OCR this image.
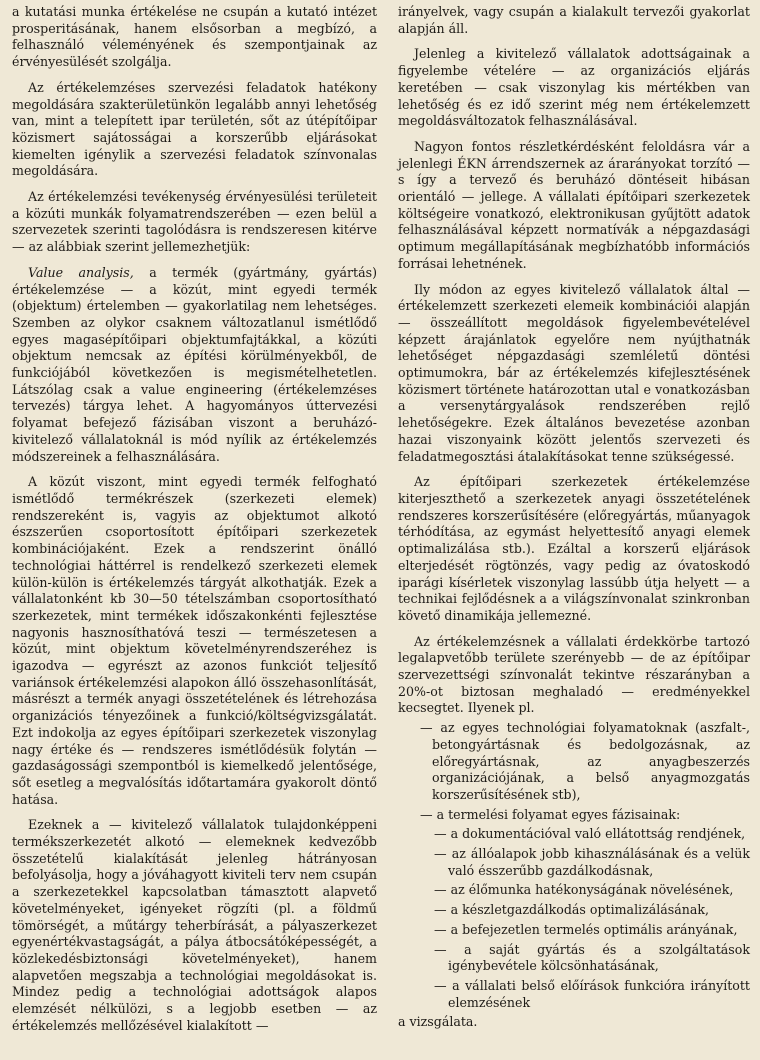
a kutatási munka értékelése ne csupán a kutató intézet prosperitásának, hanem elsősorban a megbízó, a felhasználó véleményének és szempontjainak az érvényesülését szolgálja.

Az értékelemzéses szervezési feladatok hatékony megoldására szakterületünkön legalább annyi lehetőség van, mint a telepített ipar területén, sőt az útépítőipar közismert sajátosságai a korszerűbb eljárásokat kiemelten igénylik a szervezési feladatok színvonalas megoldására.

Az értékelemzési tevékenység érvényesülési területeit a közúti munkák folyamatrendszerében — ezen belül a szervezetek szerinti tagolódásra is rendszeresen kitérve — az alábbiak szerint jellemezhetjük:

Value analysis, a termék (gyártmány, gyártás) értékelemzése — a közút, mint egyedi termék (objektum) értelemben — gyakorlatilag nem lehetséges. Szemben az olykor csaknem változatlanul ismétlődő egyes magasépítőipari objektumfajtákkal, a közúti objektum nemcsak az építési körülményekből, de funkciójából következően is megismételhetetlen. Látszólag csak a value engineering (értékelemzéses tervezés) tárgya lehet. A hagyományos úttervezési folyamat befejező fázisában viszont a beruházó-kivitelező vállalatoknál is mód nyílik az értékelemzés módszereinek a felhasználására.

A közút viszont, mint egyedi termék felfogható ismétlődő termékrészek (szerkezeti elemek) rendszereként is, vagyis az objektumot alkotó észszerűen csoportosított építőipari szerkezetek kombinációjaként. Ezek a rendszerint önálló technológiai háttérrel is rendelkező szerkezeti elemek külön-külön is értékelemzés tárgyát alkothatják. Ezek a vállalatonként kb 30—50 tételszámban csoportosítható szerkezetek, mint termékek időszakonkénti fejlesztése nagyonis hasznosíthatóvá teszi — természetesen a közút, mint objektum követelményrendszeréhez is igazodva — egyrészt az azonos funkciót teljesítő variánsok értékelemzési alapokon álló összehasonlítását, másrészt a termék anyagi összetételének és létrehozása organizációs tényezőinek a funkció/költségvizsgálatát. Ezt indokolja az egyes építőipari szerkezetek viszonylag nagy értéke és — rendszeres ismétlődésük folytán — gazdaságossági szempontból is kiemelkedő jelentősége, sőt esetleg a megvalósítás időtartamára gyakorolt döntő hatása.

Ezeknek a — kivitelező vállalatok tulajdonképpeni termékszerkezetét alkotó — elemeknek kedvezőbb összetételű kialakítását jelenleg hátrányosan befolyásolja, hogy a jóváhagyott kiviteli terv nem csupán a szerkezetekkel kapcsolatban támasztott alapvető követelményeket, igényeket rögzíti (pl. a földmű tömörségét, a műtárgy teherbírását, a pályaszerkezet egyenértékvastagságát, a pálya átbocsátóképességét, a közlekedésbiztonsági követelményeket), hanem alapvetően megszabja a technológiai megoldásokat is. Mindez pedig a technológiai adottságok alapos elemzését nélkülözi, s a legjobb esetben — az értékelemzés mellőzésével kialakított —

irányelvek, vagy csupán a kialakult tervezői gyakorlat alapján áll.

Jelenleg a kivitelező vállalatok adottságainak a figyelembe vételére — az organizációs eljárás keretében — csak viszonylag kis mértékben van lehetőség és ez idő szerint még nem értékelemzett megoldásváltozatok felhasználásával.

Nagyon fontos részletkérdésként feloldásra vár a jelenlegi ÉKN árrendszernek az árarányokat torzító — s így a tervező és beruházó döntéseit hibásan orientáló — jellege. A vállalati építőipari szerkezetek költségeire vonatkozó, elektronikusan gyűjtött adatok felhasználásával képzett normatívák a népgazdasági optimum megállapításának megbízhatóbb információs forrásai lehetnének.

Ily módon az egyes kivitelező vállalatok által — értékelemzett szerkezeti elemeik kombinációi alapján — összeállított megoldások figyelembevételével képzett árajánlatok egyelőre nem nyújthatnák lehetőséget népgazdasági szemléletű döntési optimumokra, bár az értékelemzés kifejlesztésének közismert története határozottan utal e vonatkozásban a versenytárgyalások rendszerében rejlő lehetőségekre. Ezek általános bevezetése azonban hazai viszonyaink között jelentős szervezeti és feladatmegosztási átalakításokat tenne szükségessé.

Az építőipari szerkezetek értékelemzése kiterjeszthető a szerkezetek anyagi összetételének rendszeres korszerűsítésére (előregyártás, műanyagok térhódítása, az egymást helyettesítő anyagi elemek optimalizálása stb.). Ezáltal a korszerű eljárások elterjedését rögtönzés, vagy pedig az óvatoskodó iparági kísérletek viszonylag lassúbb útja helyett — a technikai fejlődésnek a a világszínvonalat szinkronban követő dinamikája jellemezné.

Az értékelemzésnek a vállalati érdekkörbe tartozó legalapvetőbb területe szerényebb — de az építőipar szervezettségi színvonalát tekintve részarányban a 20%-ot biztosan meghaladó — eredményekkel kecsegtet. Ilyenek pl.

— az egyes technológiai folyamatoknak (aszfalt-, betongyártásnak és bedolgozásnak, az előregyártásnak, az anyagbeszerzés organizációjának, a belső anyagmozgatás korszerűsítésének stb),
— a termelési folyamat egyes fázisainak:
— a dokumentációval való ellátottság rendjének,
— az állóalapok jobb kihasználásának és a velük való ésszerűbb gazdálkodásnak,
— az élőmunka hatékonyságának növelésének,
— a készletgazdálkodás optimalizálásának,
— a befejezetlen termelés optimális arányának,
— a saját gyártás és a szolgáltatások igénybevétele kölcsönhatásának,
— a vállalati belső előírások funkcióra irányított elemzésének

a vizsgálata.
